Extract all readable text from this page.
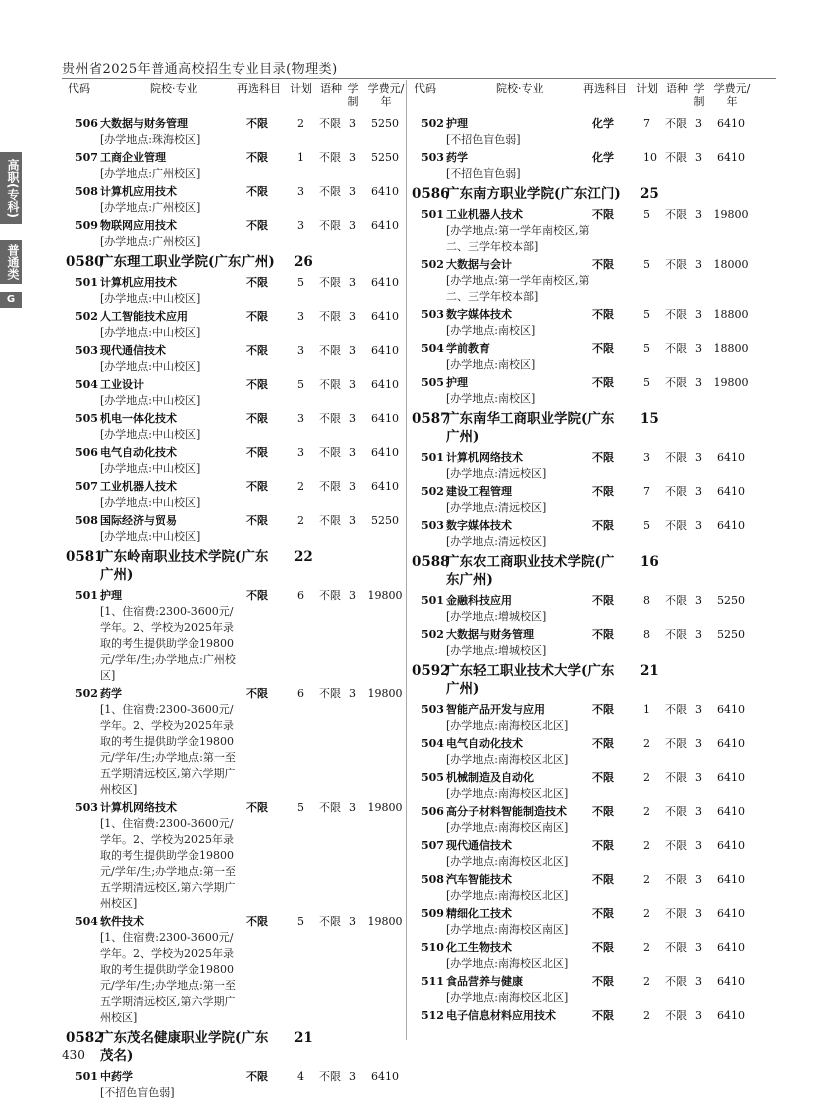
贵州省2025年普通高校招生专业目录(物理类)
高职(专科)
普通类
G
代码	院校·专业	再选科目 计划 语种 学制
学费元/年
506 大数据与财务管理
[办学地点:珠海校区]
不限	2 不限 3	5250
507 工商企业管理
[办学地点:广州校区]
不限	1 不限 3	5250
508 计算机应用技术
[办学地点:广州校区]
不限	3 不限 3	6410
509 物联网应用技术
[办学地点:广州校区]
不限	3 不限 3	6410
0580
广东理工职业学院(广东广州)	26
501 计算机应用技术
[办学地点:中山校区]
不限	5 不限 3	6410
502 人工智能技术应用
[办学地点:中山校区]
不限	3 不限 3	6410
503 现代通信技术
[办学地点:中山校区]
不限	3 不限 3	6410
504 工业设计
[办学地点:中山校区]
不限	5 不限 3	6410
505 机电一体化技术
[办学地点:中山校区]
不限	3 不限 3	6410
506 电气自动化技术
[办学地点:中山校区]
不限	3 不限 3	6410
507 工业机器人技术
[办学地点:中山校区]
不限	2 不限 3	6410
508 国际经济与贸易
[办学地点:中山校区]
不限	2 不限 3	5250
0581
广东岭南职业技术学院(广东广州)
22
501 护理
[1、住宿费:2300-3600元/学年。2、学校为2025年录取的考生提供助学金19800元/学年/生;办学地点:广州校区]
不限	6 不限 3 19800
502 药学
[1、住宿费:2300-3600元/学年。2、学校为2025年录取的考生提供助学金19800元/学年/生;办学地点:第一至五学期清远校区,第六学期广州校区]
不限	6 不限 3 19800
503 计算机网络技术
[1、住宿费:2300-3600元/学年。2、学校为2025年录取的考生提供助学金19800元/学年/生;办学地点:第一至五学期清远校区,第六学期广州校区]
不限	5 不限 3 19800
504 软件技术
[1、住宿费:2300-3600元/学年。2、学校为2025年录取的考生提供助学金19800元/学年/生;办学地点:第一至五学期清远校区,第六学期广州校区]
不限	5 不限 3 19800
0582
广东茂名健康职业学院(广东茂名)
21
501 中药学
[不招色盲色弱]
不限	4 不限 3	6410
代码	院校·专业	再选科目 计划 语种 学制
学费元/年
502 护理
[不招色盲色弱]
化学	7 不限 3	6410
503 药学
[不招色盲色弱]
化学	10 不限 3	6410
0586
广东南方职业学院(广东江门)	25
501 工业机器人技术
[办学地点:第一学年南校区,第二、三学年校本部]
不限	5 不限 3 19800
502 大数据与会计
[办学地点:第一学年南校区,第二、三学年校本部]
不限	5 不限 3 18000
503 数字媒体技术
[办学地点:南校区]
不限	5 不限 3 18800
504 学前教育
[办学地点:南校区]
不限	5 不限 3 18800
505 护理
[办学地点:南校区]
不限	5 不限 3 19800
0587
广东南华工商职业学院(广东广州)
15
501 计算机网络技术
[办学地点:清远校区]
不限	3 不限 3	6410
502 建设工程管理
[办学地点:清远校区]
不限	7 不限 3	6410
503 数字媒体技术
[办学地点:清远校区]
不限	5 不限 3	6410
0588
广东农工商职业技术学院(广东广州)
16
501 金融科技应用
[办学地点:增城校区]
不限	8 不限 3	5250
502 大数据与财务管理
[办学地点:增城校区]
不限	8 不限 3	5250
0592
广东轻工职业技术大学(广东广州)
21
503 智能产品开发与应用
[办学地点:南海校区北区]
不限	1 不限 3	6410
504 电气自动化技术
[办学地点:南海校区北区]
不限	2 不限 3	6410
505 机械制造及自动化
[办学地点:南海校区北区]
不限	2 不限 3	6410
506 高分子材料智能制造技术
[办学地点:南海校区南区]
不限	2 不限 3	6410
507 现代通信技术
[办学地点:南海校区北区]
不限	2 不限 3	6410
508 汽车智能技术
[办学地点:南海校区北区]
不限	2 不限 3	6410
509 精细化工技术
[办学地点:南海校区南区]
不限	2 不限 3	6410
510 化工生物技术
[办学地点:南海校区北区]
不限	2 不限 3	6410
511 食品营养与健康
[办学地点:南海校区北区]
不限	2 不限 3	6410
512 电子信息材料应用技术	不限	2 不限 3	6410
430
